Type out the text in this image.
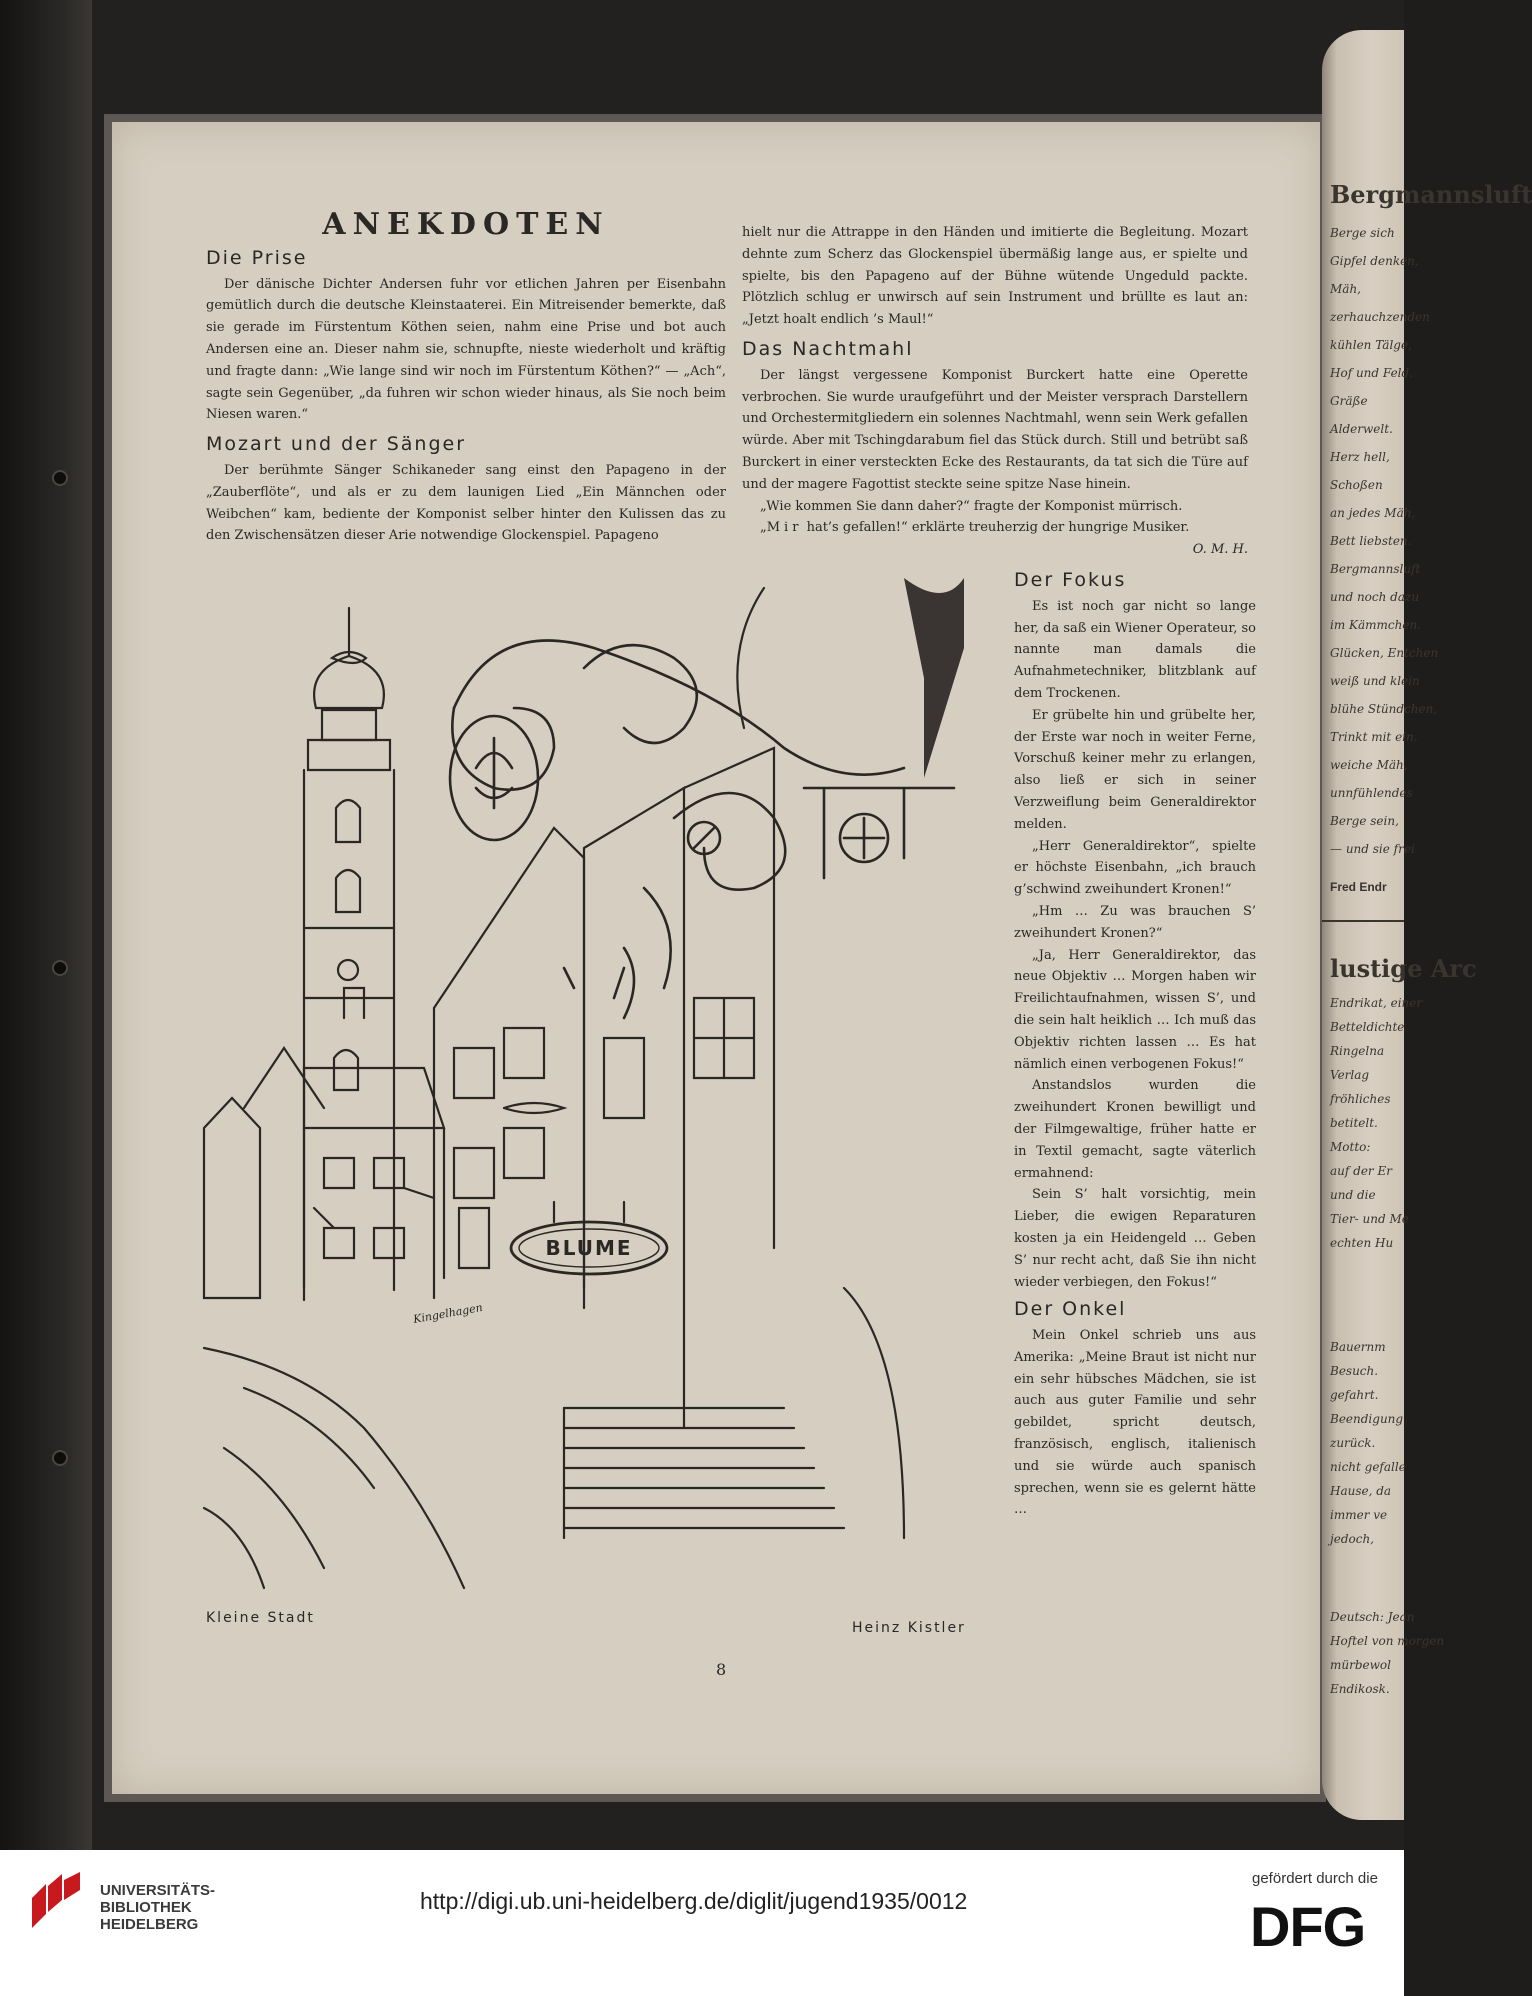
ANEKDOTEN
Die Prise

Der dänische Dichter Andersen fuhr vor etlichen Jahren per Eisenbahn gemütlich durch die deutsche Kleinstaaterei. Ein Mitreisender bemerkte, daß sie gerade im Fürstentum Köthen seien, nahm eine Prise und bot auch Andersen eine an. Dieser nahm sie, schnupfte, nieste wiederholt und kräftig und fragte dann: „Wie lange sind wir noch im Fürstentum Köthen?“ — „Ach“, sagte sein Gegenüber, „da fuhren wir schon wieder hinaus, als Sie noch beim Niesen waren.“

Mozart und der Sänger

Der berühmte Sänger Schikaneder sang einst den Papageno in der „Zauberflöte“, und als er zu dem launigen Lied „Ein Männchen oder Weibchen“ kam, bediente der Komponist selber hinter den Kulissen das zu den Zwischensätzen dieser Arie notwendige Glockenspiel. Papageno

hielt nur die Attrappe in den Händen und imitierte die Begleitung. Mozart dehnte zum Scherz das Glockenspiel übermäßig lange aus, er spielte und spielte, bis den Papageno auf der Bühne wütende Ungeduld packte. Plötzlich schlug er unwirsch auf sein Instrument und brüllte es laut an: „Jetzt hoalt endlich ’s Maul!“

Das Nachtmahl

Der längst vergessene Komponist Burckert hatte eine Operette verbrochen. Sie wurde uraufgeführt und der Meister versprach Darstellern und Orchestermitgliedern ein solennes Nachtmahl, wenn sein Werk gefallen würde. Aber mit Tschingdarabum fiel das Stück durch. Still und betrübt saß Burckert in einer versteckten Ecke des Restaurants, da tat sich die Türe auf und der magere Fagottist steckte seine spitze Nase hinein.

„Wie kommen Sie dann daher?“ fragte der Komponist mürrisch.

„Mir hat’s gefallen!“ erklärte treuherzig der hungrige Musiker.

O. M. H.

Der Fokus

Es ist noch gar nicht so lange her, da saß ein Wiener Operateur, so nannte man damals die Aufnahmetechniker, blitzblank auf dem Trockenen.

Er grübelte hin und grübelte her, der Erste war noch in weiter Ferne, Vorschuß keiner mehr zu erlangen, also ließ er sich in seiner Verzweiflung beim Generaldirektor melden.

„Herr Generaldirektor“, spielte er höchste Eisenbahn, „ich brauch g’schwind zweihundert Kronen!“

„Hm … Zu was brauchen S’ zweihundert Kronen?“

„Ja, Herr Generaldirektor, das neue Objektiv … Morgen haben wir Freilichtaufnahmen, wissen S’, und die sein halt heiklich … Ich muß das Objektiv richten lassen … Es hat nämlich einen verbogenen Fokus!“

Anstandslos wurden die zweihundert Kronen bewilligt und der Filmgewaltige, früher hatte er in Textil gemacht, sagte väterlich ermahnend:

Sein S’ halt vorsichtig, mein Lieber, die ewigen Reparaturen kosten ja ein Heidengeld … Geben S’ nur recht acht, daß Sie ihn nicht wieder verbiegen, den Fokus!“

Der Onkel

Mein Onkel schrieb uns aus Amerika: „Meine Braut ist nicht nur ein sehr hübsches Mädchen, sie ist auch aus guter Familie und sehr gebildet, spricht deutsch, französisch, englisch, italienisch und sie würde auch spanisch sprechen, wenn sie es gelernt hätte …

BLUME
Kingelhagen
Kleine Stadt
Heinz Kistler
8
Bergmannsluft
Berge sich
Gipfel denken,
Mäh,
zerhauchzenden
kühlen Tälge,
Hof und Feld.
Gräße
Alderwelt.
Herz hell,
Schoßen
an jedes Mäh,
Bett liebsten.
Bergmannsluft
und noch dazu
im Kämmchen.
Glücken, Entchen
weiß und klein
blühe Stündchen,
Trinkt mit ein.
weiche Mäh,
unnfühlendes
Berge sein,
— und sie frei
Fred Endr
lustige Arc
Endrikat, einer
Betteldichte
Ringelna
Verlag
fröhliches
betitelt.
Motto:
auf der Er
und die
Tier- und Me
echten Hu
Bauernm
Besuch.
gefahrt.
Beendigung
zurück.
nicht gefalle
Hause, da
immer ve
jedoch,
Deutsch: Jean
Hoftel von morgen
mürbewol
Endikosk.
UNIVERSITÄTS-
BIBLIOTHEK
HEIDELBERG
http://digi.ub.uni-heidelberg.de/diglit/jugend1935/0012
gefördert durch die
DFG
